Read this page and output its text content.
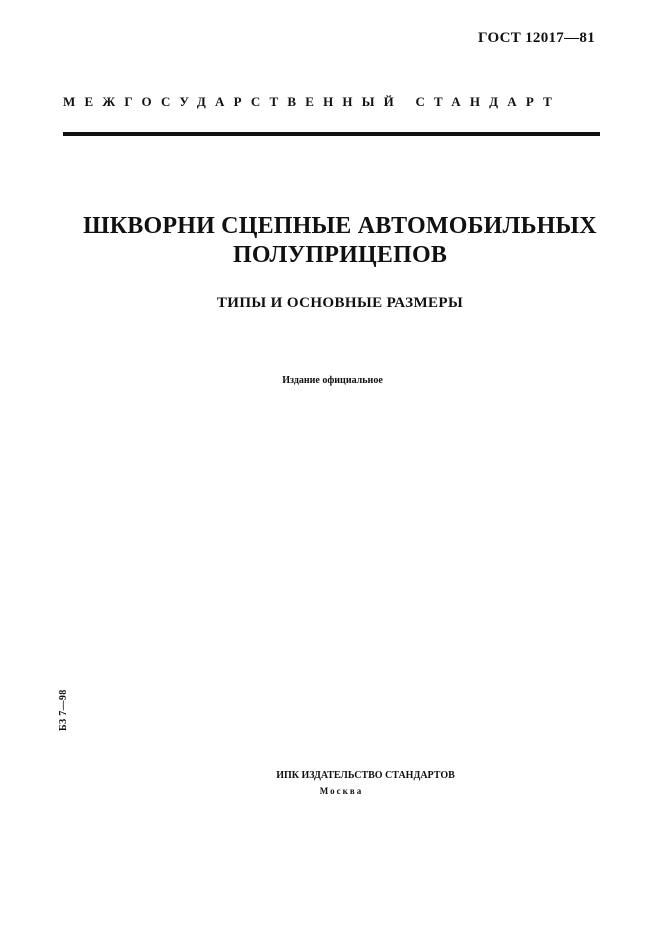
ГОСТ 12017—81
МЕЖГОСУДАРСТВЕННЫЙ СТАНДАРТ
ШКВОРНИ СЦЕПНЫЕ АВТОМОБИЛЬНЫХ
ПОЛУПРИЦЕПОВ
ТИПЫ И ОСНОВНЫЕ РАЗМЕРЫ
Издание официальное
БЗ 7—98
ИПК ИЗДАТЕЛЬСТВО СТАНДАРТОВ
Москва
